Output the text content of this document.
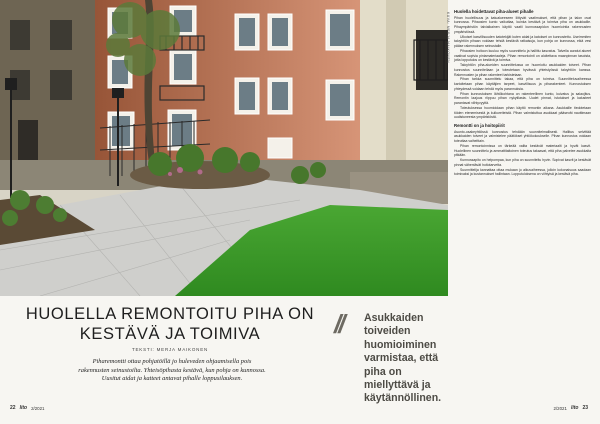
HUOLELLA REMONTOITU PIHA ON KESTÄVÄ JA TOIMIVA
TEKSTI: MERJA MAIKONEN

Piharemontti ottaa pohjatöillä jo huleveden ohjaamisella pois rakennusten seinustoilta. Yhteisöpihasta kestävä, kun pohja on kunnossa. Uusitut aidat ja katteet antavat pihalle loppusilauksen.

// Asukkaiden
toiveiden huomioiminen varmistaa, että piha on miellyttävä ja käytännöllinen.

KUVA: MERJA MAIKONEN
Huolella hoidettavat piha-alueet pihalle

Pihan huolellisuus ja katualueeseen liittyvät vaatimukset, että pihan ja talon ovat kunnossa. Pihaosien kunto vaikuttaa, kuinka kestävä ja toimiva piha on asukkaille. Pihaympäristön talviaikainen käyttö vaatii kunnossapidon huomiointia rakennusten ympäristössä.

Ulkoiset kasvillisuuden katotekijät kuten aidat ja katokset on kunnostettu. Useimmiten taloyhtiön pihaan voidaan tehdä kestäviä ratkaisuja, kun pohja on kunnossa, eikä vesi pääse rakennuksen seinustalle.

Pihaosien hoitoon kuuluu myös suunnittelu ja hallittu kasvatus. Talvella auratut alueet vaativat sopivia pintamateriaaleja. Pihan remontointi on aloitettava maanpinnan tasoista, jotta lopputulos on kestävä ja toimiva.

Taloyhtiön piha-alueiden suunnittelussa on huomioitu asukkaiden toiveet. Pihan kunnostus suunnitellaan ja toteutetaan hyvässä yhteistyössä taloyhtiön kanssa. Rakennusten ja pihan rakenteet tarkistetaan.

Pihan tarkka suunnittelu takaa, että piha on toimiva. Suunnitteluvaiheessa kartoitetaan pihan käyttäjien tarpeet, kasvillisuus ja piharakenteet. Kunnostuksen yhteydessä voidaan tehdä myös parannuksia.

Pihan kunnostuksen lähtökohtana on rakenteellinen kunto, kuivatus ja salaojitus. Remontin laajuus riippuu pihan nykytilasta. Uudet pinnat, istutukset ja kalusteet parantavat viihtyvyyttä.

Toteutuksessa huomioidaan pihan käyttö remontin aikana. Asukkaille tiedotetaan töiden etenemisestä ja kulkureiteistä. Pihan valmistuttua asukkaat pääsevät nauttimaan uudistuneesta ympäristöstä.

Remontti on ja hoitopiirit

Asunto-osakeyhtiössä kunnostus tehdään suunnitelmallisesti. Hallitus selvittää asukkaiden toiveet ja valmistelee päätökset yhtiökokoukselle. Pihan kunnostus voidaan toteuttaa vaiheittain.

Pihan remontoinnissa on tärkeää valita kestävät materiaalit ja hyvät kasvit. Huolellinen suunnittelu ja ammattitaitoinen toteutus takaavat, että piha palvelee asukkaita pitkään.

Kunnossapito on helpompaa, kun piha on suunniteltu hyvin. Sopivat kasvit ja kestävät pinnat vähentävät hoitotarvetta.

Suunnittelija kannattaa ottaa mukaan jo alkuvaiheessa, jolloin kokonaisuus saadaan toimivaksi ja kustannukset hallintaan. Lopputuloksena on viihtyisä ja kestävä piha.

22 lito 2/2021	2/2021 lito 23
